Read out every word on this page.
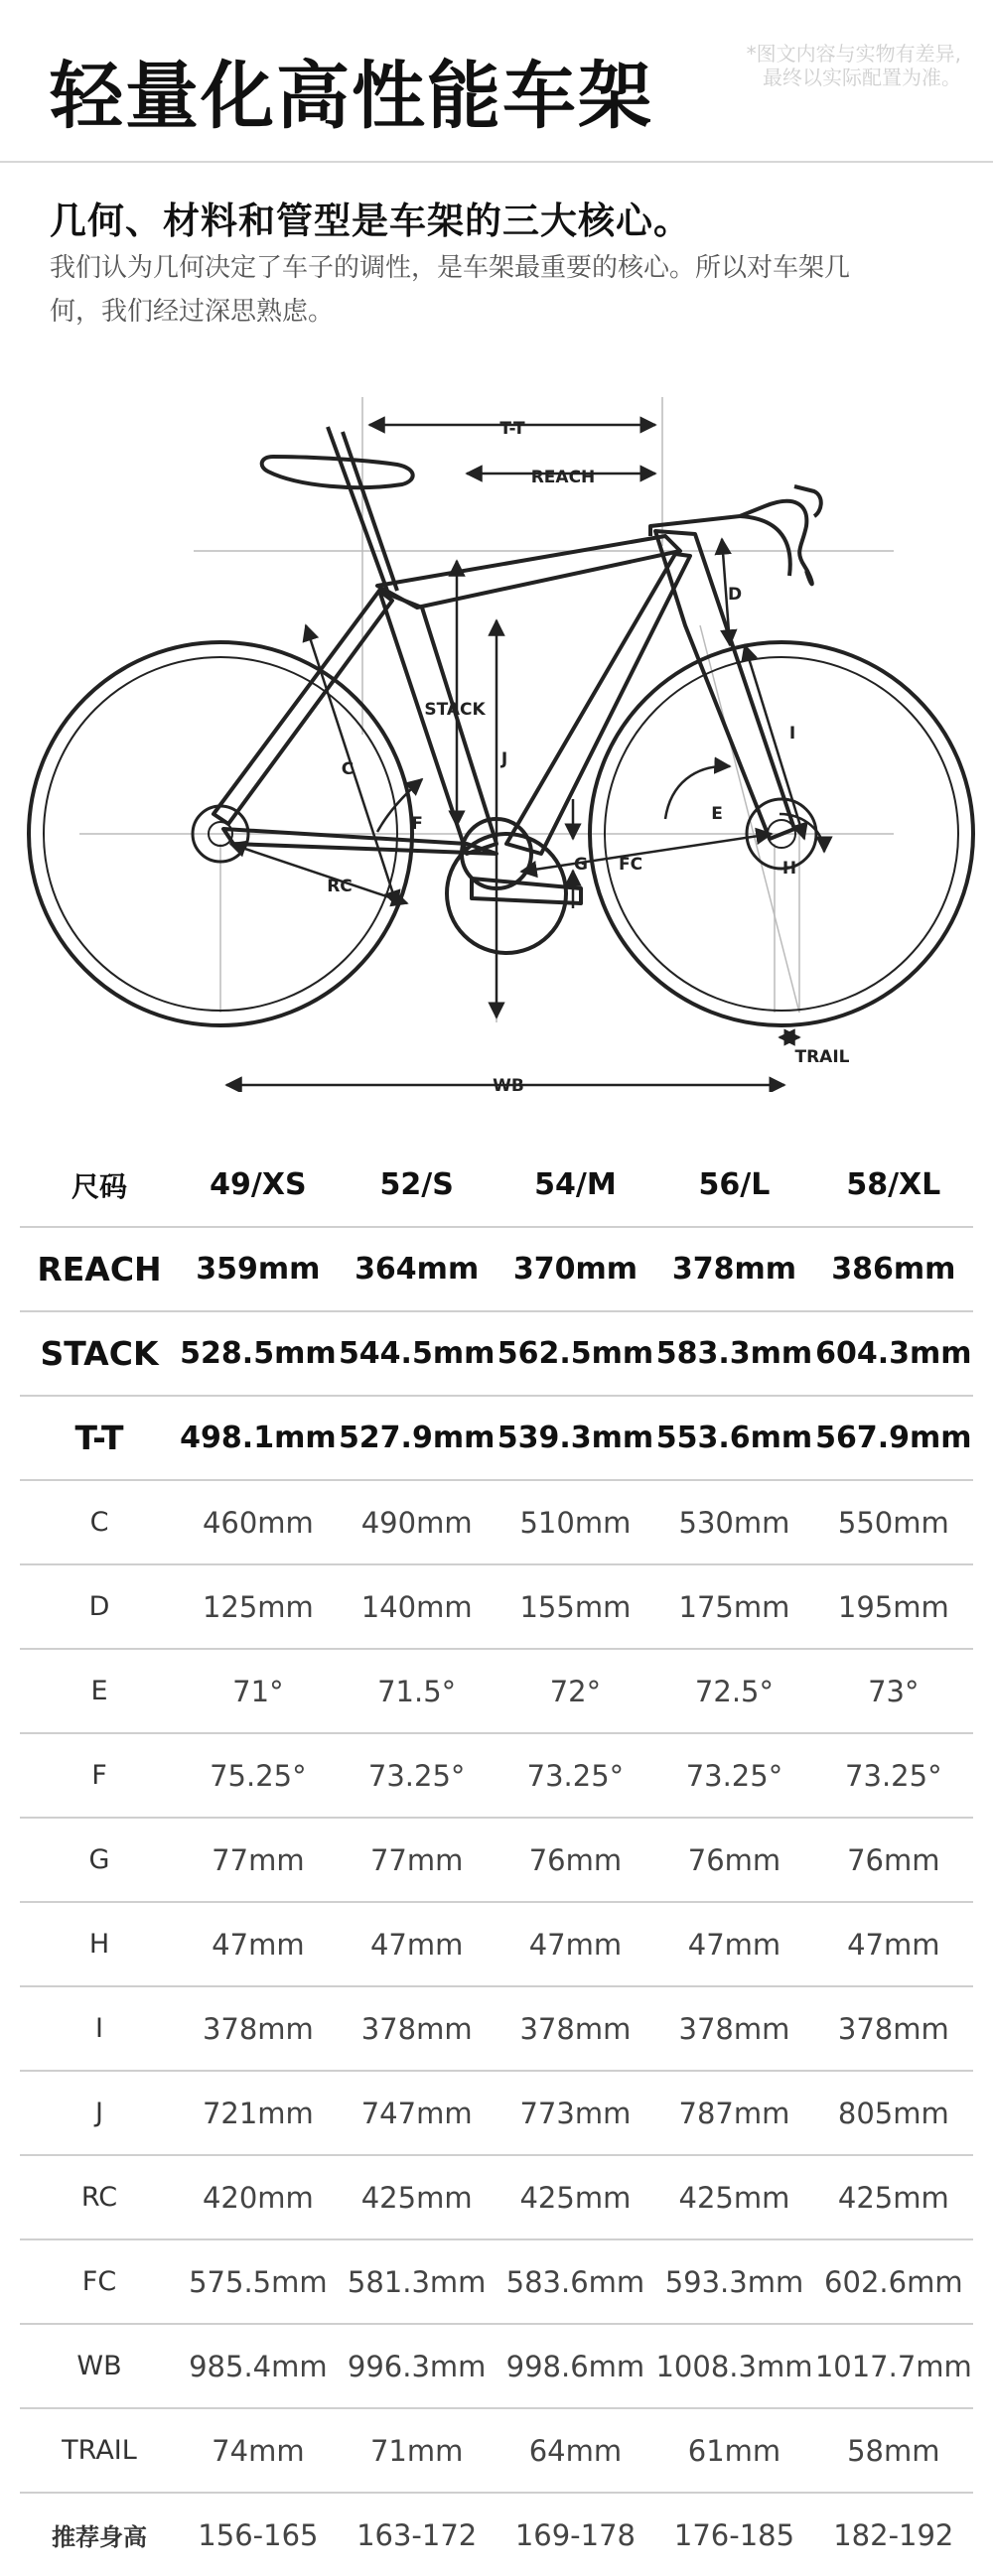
轻量化高性能车架	*图文内容与实物有差异,
最终以实际配置为准。
几何、材料和管型是车架的三大核心。
我们认为几何决定了车子的调性，是车架最重要的核心。所以对车架几何，我们经过深思熟虑。
T-T
REACH
STACK
J
C
F
RC
G FC
D
I
E
H
TRAIL
WB
尺码	49/XS	52/S	54/M	56/L	58/XL
REACH	359mm	364mm	370mm	378mm	386mm
STACK	528.5mm	544.5mm	562.5mm	583.3mm	604.3mm
T-T	498.1mm	527.9mm	539.3mm	553.6mm	567.9mm
C	460mm	490mm	510mm	530mm	550mm
D	125mm	140mm	155mm	175mm	195mm
E	71°	71.5°	72°	72.5°	73°
F	75.25°	73.25°	73.25°	73.25°	73.25°
G	77mm	77mm	76mm	76mm	76mm
H	47mm	47mm	47mm	47mm	47mm
I	378mm	378mm	378mm	378mm	378mm
J	721mm	747mm	773mm	787mm	805mm
RC	420mm	425mm	425mm	425mm	425mm
FC	575.5mm	581.3mm	583.6mm	593.3mm	602.6mm
WB	985.4mm	996.3mm	998.6mm	1008.3mm	1017.7mm
TRAIL	74mm	71mm	64mm	61mm	58mm
推荐身高	156-165	163-172	169-178	176-185	182-192
